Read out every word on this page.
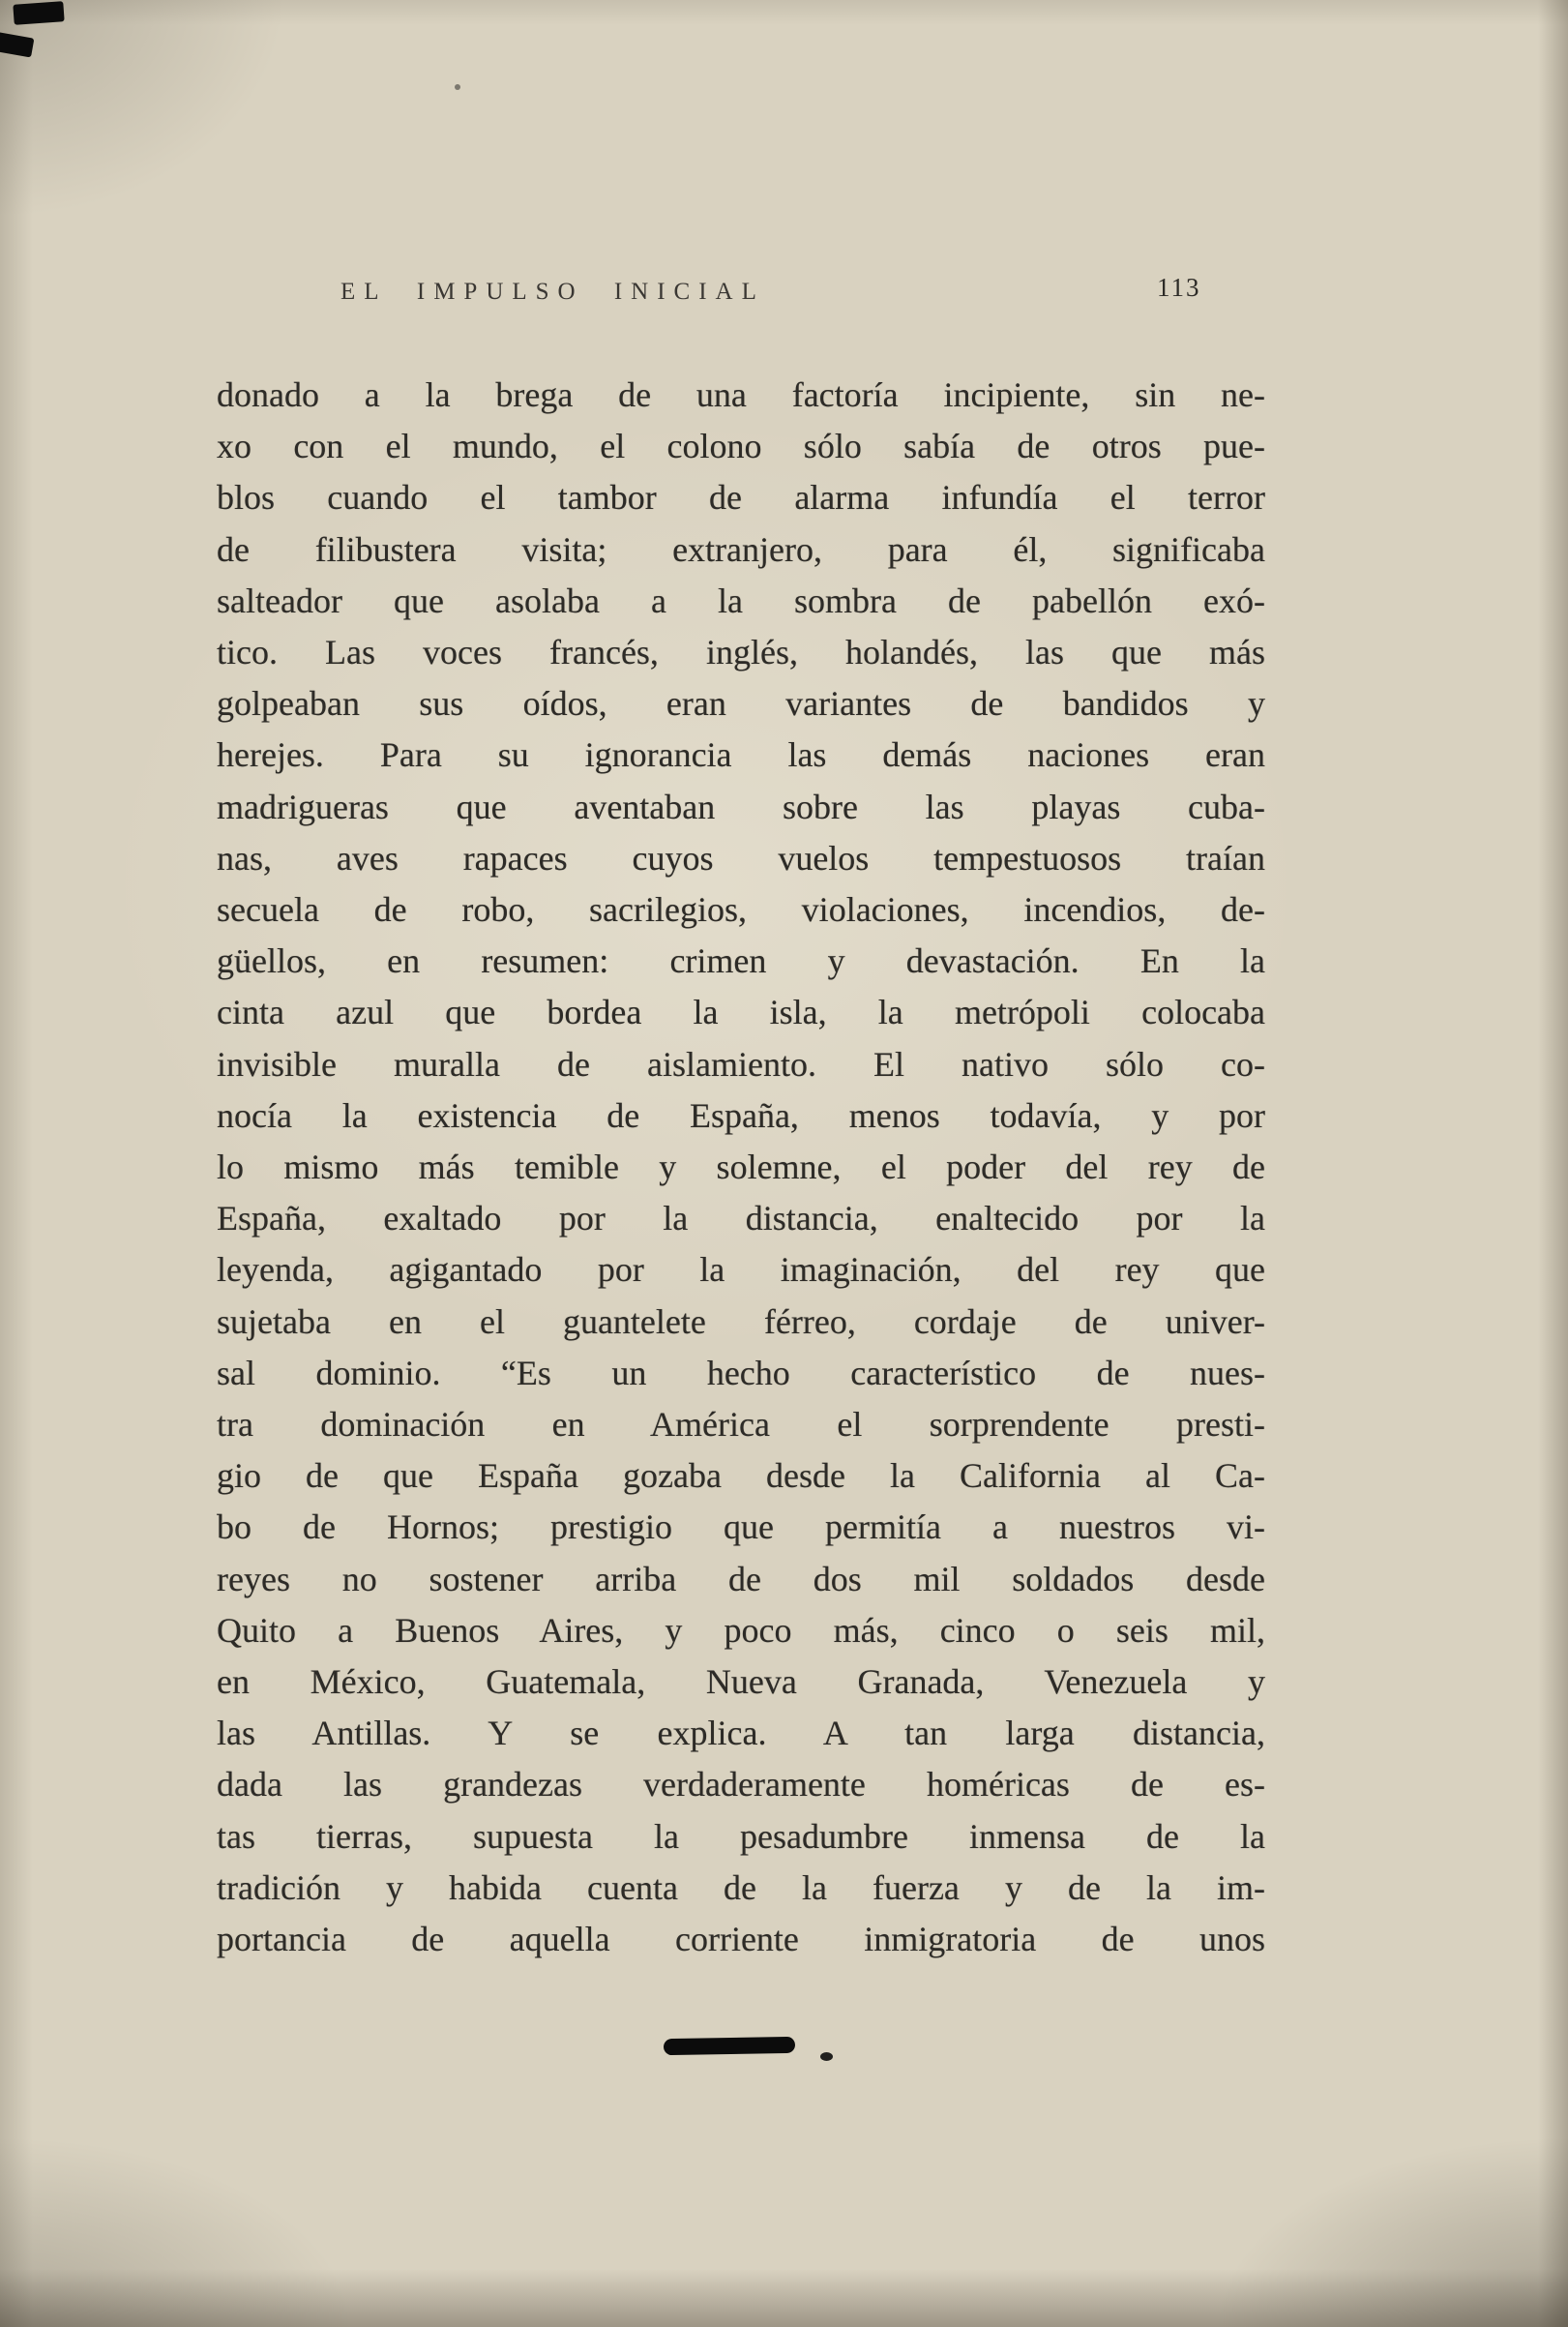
EL IMPULSO INICIAL	113
donado a la brega de una factoría incipiente, sin ne-
xo con el mundo, el colono sólo sabía de otros pue-
blos cuando el tambor de alarma infundía el terror
de filibustera visita; extranjero, para él, significaba
salteador que asolaba a la sombra de pabellón exó-
tico. Las voces francés, inglés, holandés, las que más
golpeaban sus oídos, eran variantes de bandidos y
herejes. Para su ignorancia las demás naciones eran
madrigueras que aventaban sobre las playas cuba-
nas, aves rapaces cuyos vuelos tempestuosos traían
secuela de robo, sacrilegios, violaciones, incendios, de-
güellos, en resumen: crimen y devastación. En la
cinta azul que bordea la isla, la metrópoli colocaba
invisible muralla de aislamiento. El nativo sólo co-
nocía la existencia de España, menos todavía, y por
lo mismo más temible y solemne, el poder del rey de
España, exaltado por la distancia, enaltecido por la
leyenda, agigantado por la imaginación, del rey que
sujetaba en el guantelete férreo, cordaje de univer-
sal dominio. “Es un hecho característico de nues-
tra dominación en América el sorprendente presti-
gio de que España gozaba desde la California al Ca-
bo de Hornos; prestigio que permitía a nuestros vi-
reyes no sostener arriba de dos mil soldados desde
Quito a Buenos Aires, y poco más, cinco o seis mil,
en México, Guatemala, Nueva Granada, Venezuela y
las Antillas. Y se explica. A tan larga distancia,
dada las grandezas verdaderamente homéricas de es-
tas tierras, supuesta la pesadumbre inmensa de la
tradición y habida cuenta de la fuerza y de la im-
portancia de aquella corriente inmigratoria de unos
